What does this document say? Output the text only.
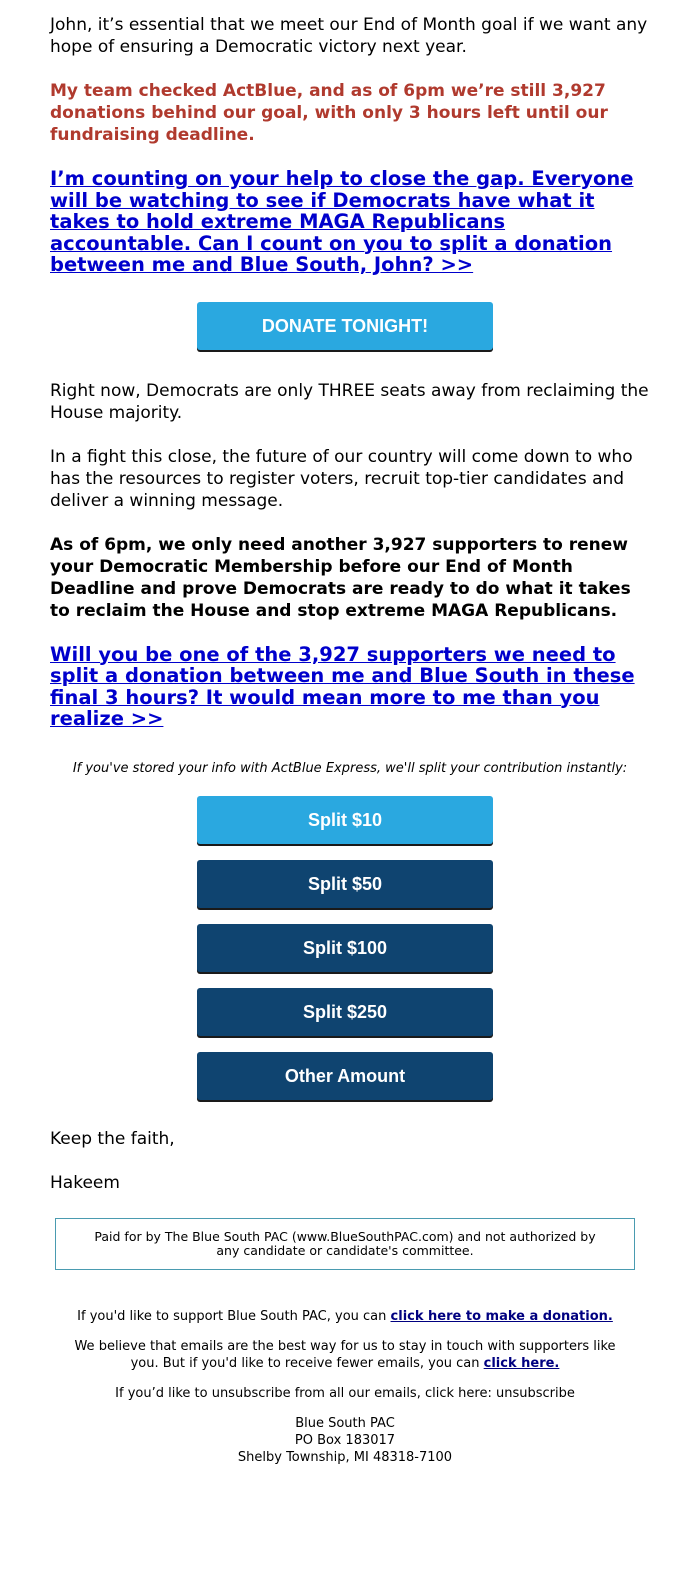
John, it’s essential that we meet our End of Month goal if we want any hope of ensuring a Democratic victory next year.

My team checked ActBlue, and as of 6pm we’re still 3,927 donations behind our goal, with only 3 hours left until our fundraising deadline.

I’m counting on your help to close the gap. Everyone will be watching to see if Democrats have what it takes to hold extreme MAGA Republicans accountable. Can I count on you to split a donation between me and Blue South, John? >>
DONATE TONIGHT!

Right now, Democrats are only THREE seats away from reclaiming the House majority.

In a fight this close, the future of our country will come down to who has the resources to register voters, recruit top-tier candidates and deliver a winning message.

As of 6pm, we only need another 3,927 supporters to renew your Democratic Membership before our End of Month Deadline and prove Democrats are ready to do what it takes to reclaim the House and stop extreme MAGA Republicans.

Will you be one of the 3,927 supporters we need to split a donation between me and Blue South in these final 3 hours? It would mean more to me than you realize >>

If you've stored your info with ActBlue Express, we'll split your contribution instantly:

Split $10
Split $50
Split $100
Split $250
Other Amount

Keep the faith,

Hakeem

Paid for by The Blue South PAC (www.BlueSouthPAC.com) and not authorized by any candidate or candidate's committee.
If you'd like to support Blue South PAC, you can click here to make a donation.
We believe that emails are the best way for us to stay in touch with supporters like you. But if you'd like to receive fewer emails, you can click here.
If you’d like to unsubscribe from all our emails, click here: unsubscribe
Blue South PAC
PO Box 183017
Shelby Township, MI 48318-7100
